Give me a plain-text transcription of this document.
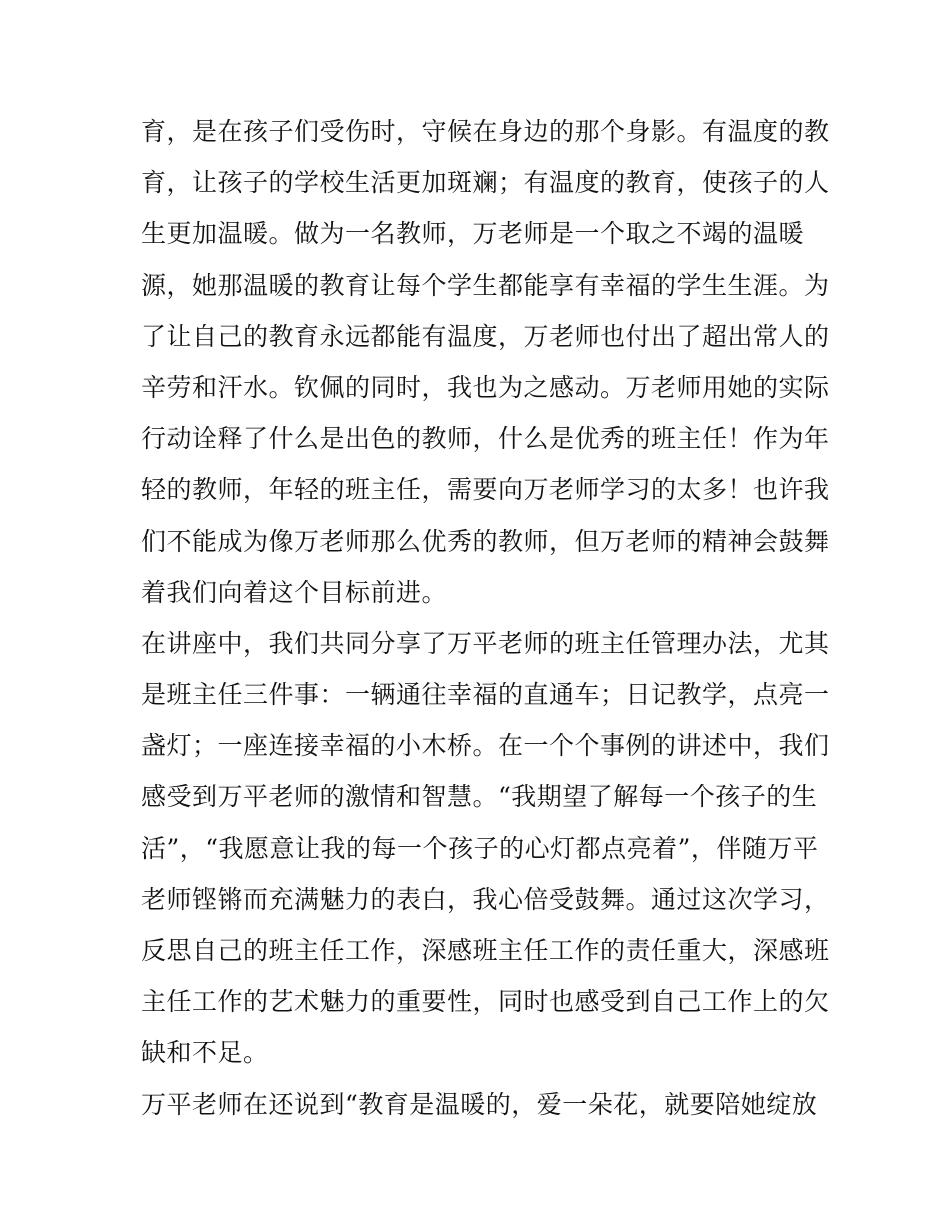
育，是在孩子们受伤时，守候在身边的那个身影。有温度的教
育，让孩子的学校生活更加斑斓；有温度的教育，使孩子的人
生更加温暖。做为一名教师，万老师是一个取之不竭的温暖
源，她那温暖的教育让每个学生都能享有幸福的学生生涯。为
了让自己的教育永远都能有温度，万老师也付出了超出常人的
辛劳和汗水。钦佩的同时，我也为之感动。万老师用她的实际
行动诠释了什么是出色的教师，什么是优秀的班主任！作为年
轻的教师，年轻的班主任，需要向万老师学习的太多！也许我
们不能成为像万老师那么优秀的教师，但万老师的精神会鼓舞
着我们向着这个目标前进。
在讲座中，我们共同分享了万平老师的班主任管理办法，尤其
是班主任三件事：一辆通往幸福的直通车；日记教学，点亮一
盏灯；一座连接幸福的小木桥。在一个个事例的讲述中，我们
感受到万平老师的激情和智慧。“我期望了解每一个孩子的生
活”，“我愿意让我的每一个孩子的心灯都点亮着”，伴随万平
老师铿锵而充满魅力的表白，我心倍受鼓舞。通过这次学习，
反思自己的班主任工作，深感班主任工作的责任重大，深感班
主任工作的艺术魅力的重要性，同时也感受到自己工作上的欠
缺和不足。
万平老师在还说到“教育是温暖的，爱一朵花，就要陪她绽放
